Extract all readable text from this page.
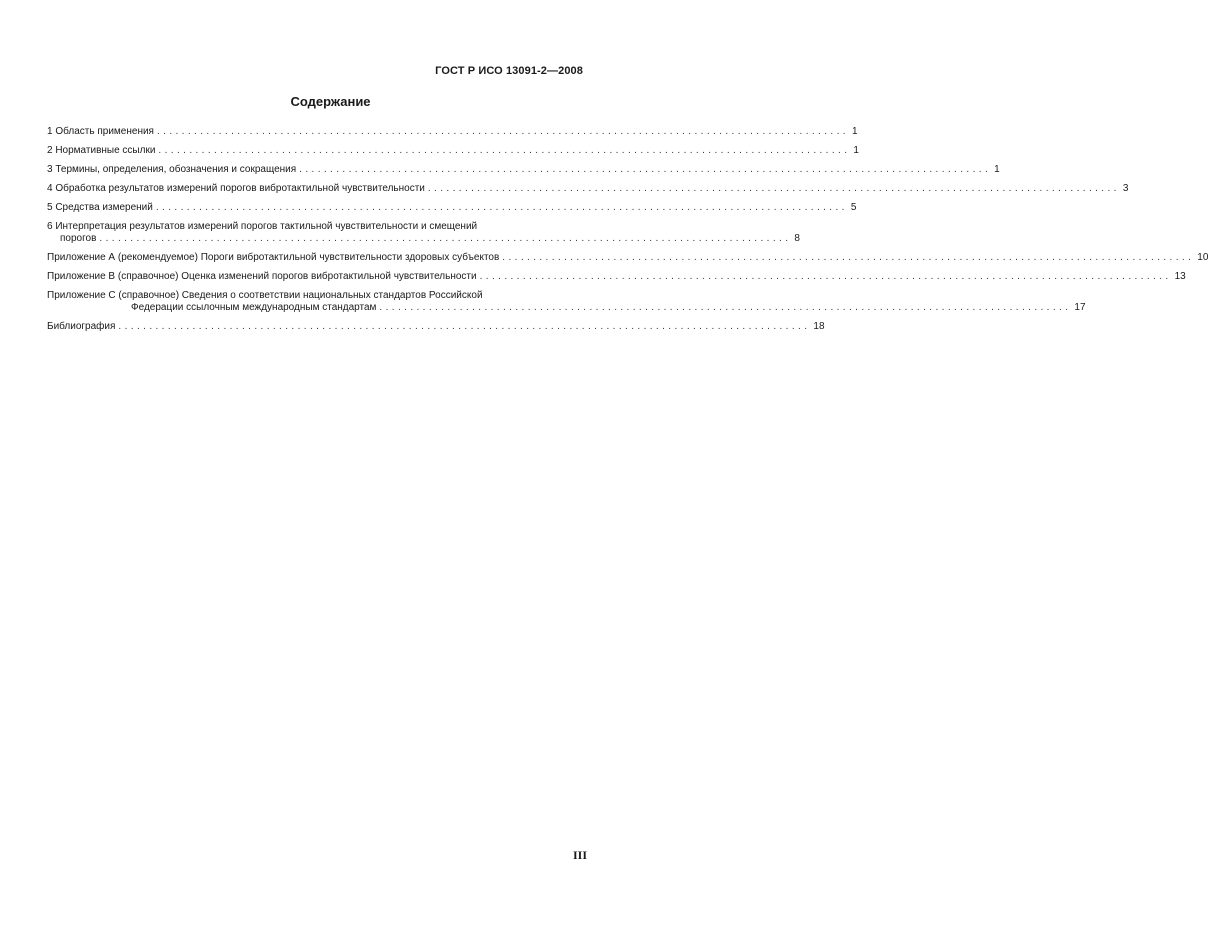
ГОСТ Р ИСО 13091-2—2008
Содержание
1 Область применения ................................................................................................................ 1
2 Нормативные ссылки ................................................................................................................ 1
3 Термины, определения, обозначения и сокращения ................................................................................................................ 1
4 Обработка результатов измерений порогов вибротактильной чувствительности ................................................................................................................ 3
5 Средства измерений ................................................................................................................ 5
6 Интерпретация результатов измерений порогов тактильной чувствительности и смещений
порогов ................................................................................................................ 8
Приложение А (рекомендуемое) Пороги вибротактильной чувствительности здоровых субъектов ................................................................................................................ 10
Приложение В (справочное) Оценка изменений порогов вибротактильной чувствительности ................................................................................................................ 13
Приложение С (справочное) Сведения о соответствии национальных стандартов Российской
Федерации ссылочным международным стандартам ................................................................................................................ 17
Библиография ................................................................................................................ 18
III
